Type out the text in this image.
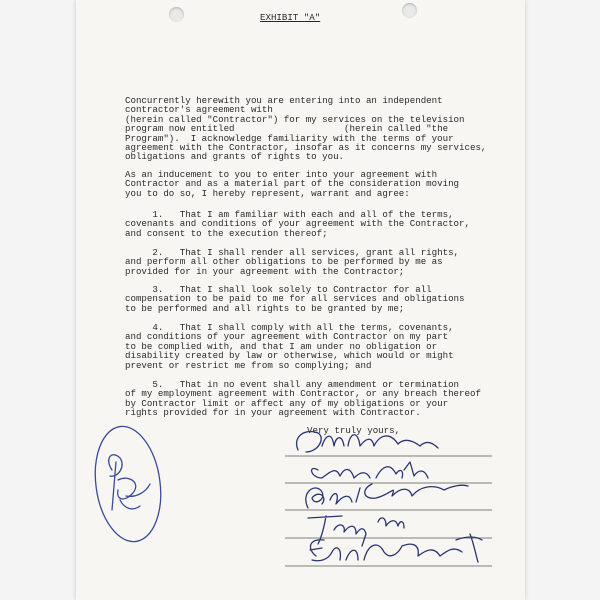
EXHIBIT "A"
Concurrently herewith you are entering into an independent
contractor's agreement with
(herein called "Contractor") for my services on the television
program now entitled                    (herein called "the
Program").  I acknowledge familiarity with the terms of your
agreement with the Contractor, insofar as it concerns my services,
obligations and grants of rights to you.
As an inducement to you to enter into your agreement with
Contractor and as a material part of the consideration moving
you to do so, I hereby represent, warrant and agree:
1.   That I am familiar with each and all of the terms,
covenants and conditions of your agreement with the Contractor,
and consent to the execution thereof;
2.   That I shall render all services, grant all rights,
and perform all other obligations to be performed by me as
provided for in your agreement with the Contractor;
3.   That I shall look solely to Contractor for all
compensation to be paid to me for all services and obligations
to be performed and all rights to be granted by me;
4.   That I shall comply with all the terms, covenants,
and conditions of your agreement with Contractor on my part
to be complied with, and that I am under no obligation or
disability created by law or otherwise, which would or might
prevent or restrict me from so complying; and
5.   That in no event shall any amendment or termination
of my employment agreement with Contractor, or any breach thereof
by Contractor limit or affect any of my obligations or your
rights provided for in your agreement with Contractor.
Very truly yours,
